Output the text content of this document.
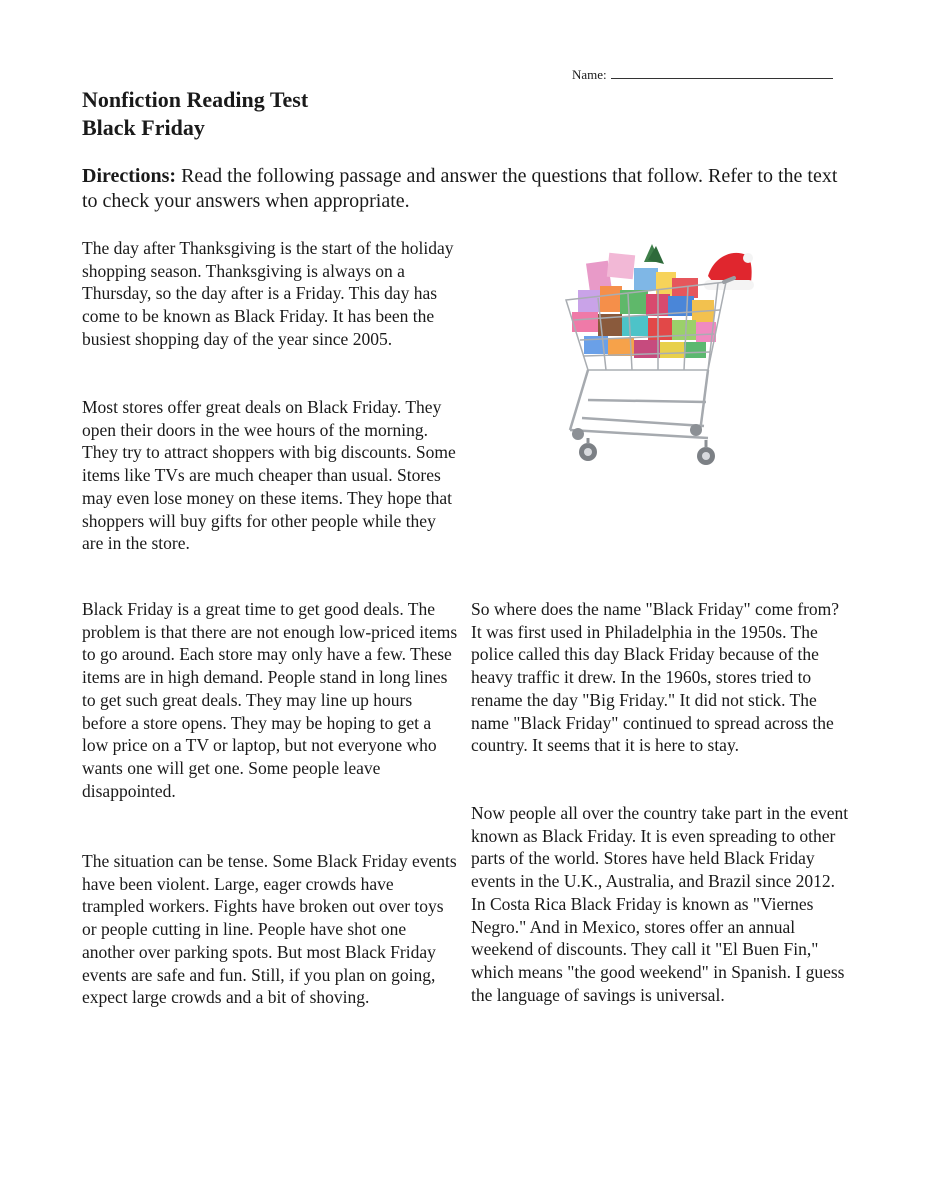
Name:
Nonfiction Reading Test
Black Friday
Directions: Read the following passage and answer the questions that follow. Refer to the text to check your answers when appropriate.

The day after Thanksgiving is the start of the holiday shopping season. Thanksgiving is always on a Thursday, so the day after is a Friday. This day has come to be known as Black Friday. It has been the busiest shopping day of the year since 2005.

Most stores offer great deals on Black Friday. They open their doors in the wee hours of the morning. They try to attract shoppers with big discounts. Some items like TVs are much cheaper than usual. Stores may even lose money on these items. They hope that shoppers will buy gifts for other people while they are in the store.

Black Friday is a great time to get good deals. The problem is that there are not enough low-priced items to go around. Each store may only have a few. These items are in high demand. People stand in long lines to get such great deals. They may line up hours before a store opens. They may be hoping to get a low price on a TV or laptop, but not everyone who wants one will get one. Some people leave disappointed.

The situation can be tense. Some Black Friday events have been violent. Large, eager crowds have trampled workers. Fights have broken out over toys or people cutting in line. People have shot one another over parking spots. But most Black Friday events are safe and fun. Still, if you plan on going, expect large crowds and a bit of shoving.

So where does the name "Black Friday" come from? It was first used in Philadelphia in the 1950s. The police called this day Black Friday because of the heavy traffic it drew. In the 1960s, stores tried to rename the day "Big Friday." It did not stick. The name "Black Friday" continued to spread across the country. It seems that it is here to stay.

Now people all over the country take part in the event known as Black Friday. It is even spreading to other parts of the world. Stores have held Black Friday events in the U.K., Australia, and Brazil since 2012. In Costa Rica Black Friday is known as "Viernes Negro." And in Mexico, stores offer an annual weekend of discounts. They call it "El Buen Fin," which means "the good weekend" in Spanish. I guess the language of savings is universal.
